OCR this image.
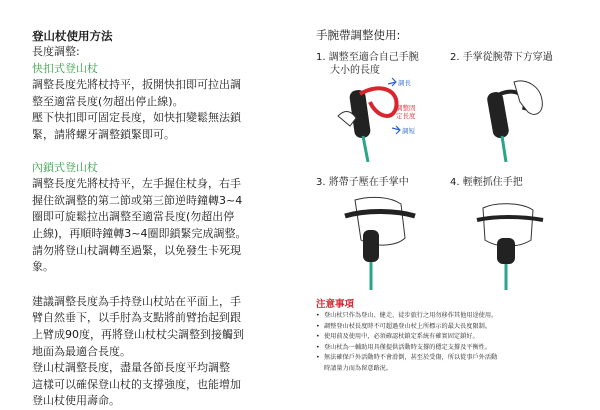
登山杖使用方法
長度調整:
快扣式登山杖

調整長度先將杖持平，扳開快扣即可拉出調

整至適當長度(勿超出停止線)。

壓下快扣即可固定長度，如快扣變鬆無法鎖

緊，請將螺牙調整鎖緊即可。

內鎖式登山杖

調整長度先將杖持平，左手握住杖身，右手

握住欲調整的第二節或第三節逆時鐘轉3~4

圈即可旋鬆拉出調整至適當長度(勿超出停

止線)，再順時鐘轉3~4圈即鎖緊完成調整。

請勿將登山杖調轉至過緊，以免發生卡死現

象。

建議調整長度為手持登山杖站在平面上，手

臂自然垂下，以手肘為支點將前臂抬起到跟

上臂成90度，再將登山杖杖尖調整到接觸到

地面為最適合長度。

登山杖調整長度，盡量各節長度平均調整

這樣可以確保登山杖的支撐強度，也能增加

登山杖使用壽命。

手腕帶調整使用:
1. 調整至適合自己手腕
大小的長度
2. 手掌從腕帶下方穿過
3. 將帶子壓在手掌中	4. 輕輕抓住手把
調長
調整固
定長度
調短
注意事項
• 登山杖只作為登山、健走、徒步旅行之用勿移作其他用途使用。
• 調整登山杖長度時不可超過登山杖上所標示的最大長度限制。
• 使用前及使用中，必須確認杖鎖定系統有確實固定鎖好。
• 登山杖為一輔助用具僅提供活動時支撐的穩定支撐及平衡性。
• 無法確保戶外活動時不會滑倒，甚至於受傷，所以從事戶外活動
時請量力而為留意路況。
